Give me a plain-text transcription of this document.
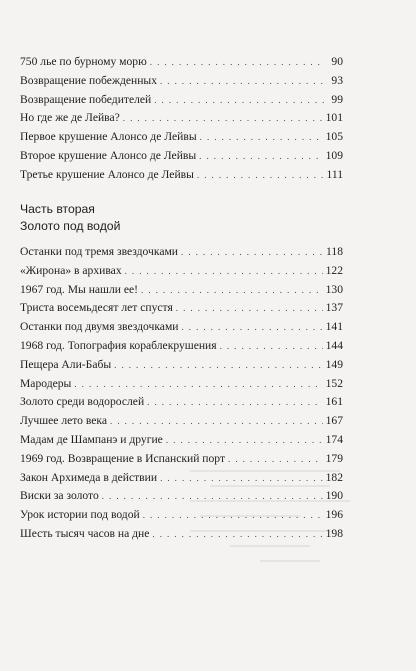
750 лье по бурному морю . . .	90
Возвращение побежденных . . .	93
Возвращение победителей . . .	99
Но где же де Лейва? . . .	101
Первое крушение Алонсо де Лейвы . . .	105
Второе крушение Алонсо де Лейвы . . .	109
Третье крушение Алонсо де Лейвы . . .	111
Часть вторая
Золото под водой
Останки под тремя звездочками . . .	118
«Жирона» в архивах . . .	122
1967 год. Мы нашли ее! . . .	130
Триста восемьдесят лет спустя . . .	137
Останки под двумя звездочками . . .	141
1968 год. Топография кораблекрушения . . .	144
Пещера Али-Бабы . . .	149
Мародеры . . .	152
Золото среди водорослей . . .	161
Лучшее лето века . . .	167
Мадам де Шампанэ и другие . . .	174
1969 год. Возвращение в Испанский порт . . .	179
Закон Архимеда в действии . . .	182
Виски за золото . . .	190
Урок истории под водой . . .	196
Шесть тысяч часов на дне . . .	198
